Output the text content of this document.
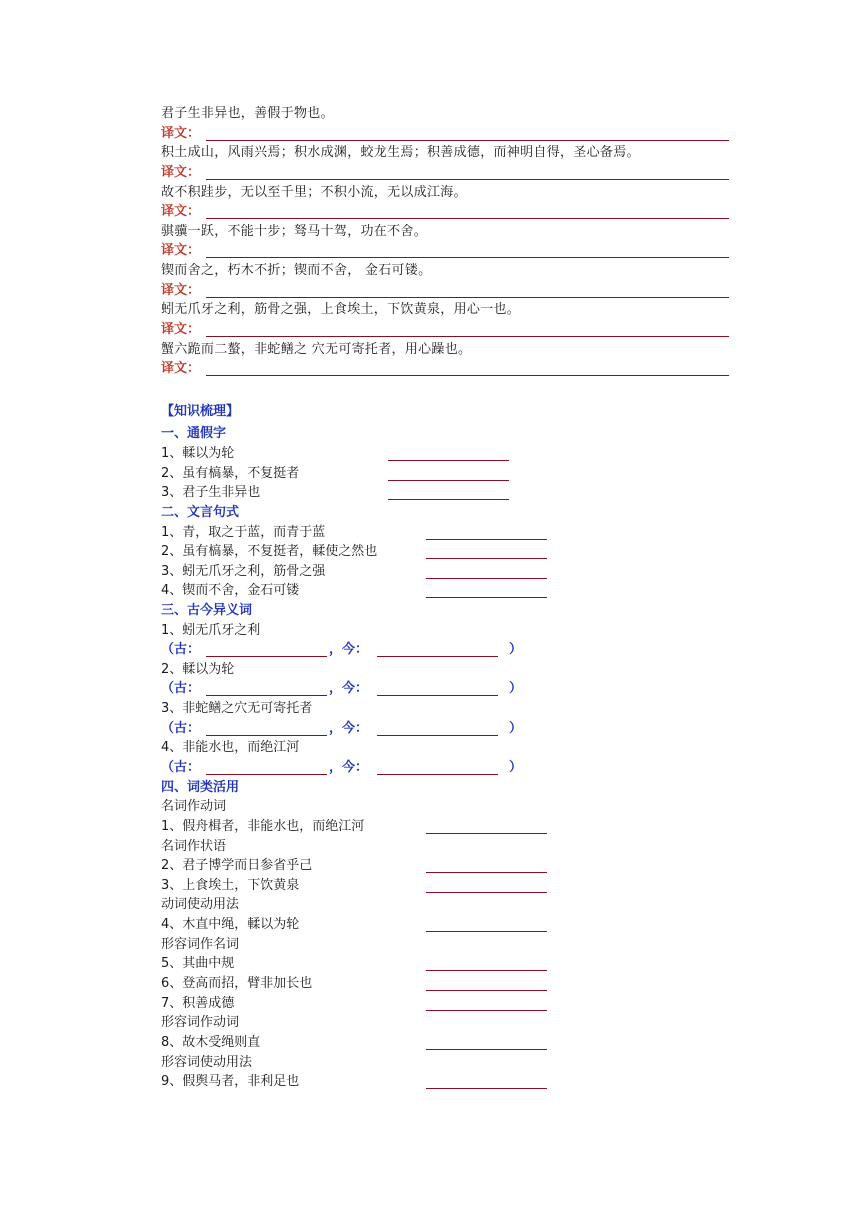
君子生非异也，善假于物也。
译文：
积土成山，风雨兴焉；积水成渊，蛟龙生焉；积善成德，而神明自得，圣心备焉。
译文：
故不积跬步，无以至千里；不积小流，无以成江海。
译文：
骐骥一跃，不能十步；驽马十驾，功在不舍。
译文：
锲而舍之，朽木不折；锲而不舍， 金石可镂。
译文：
蚓无爪牙之利，筋骨之强，上食埃土，下饮黄泉，用心一也。
译文：
蟹六跪而二螯，非蛇鳝之 穴无可寄托者，用心躁也。
译文：
【知识梳理】
一、通假字
1、輮以为轮
2、虽有槁暴，不复挺者
3、君子生非异也
二、文言句式
1、青，取之于蓝，而青于蓝
2、虽有槁暴，不复挺者，輮使之然也
3、蚓无爪牙之利，筋骨之强
4、锲而不舍，金石可镂
三、古今异义词
1、蚓无爪牙之利
（古：	，今：	）
2、輮以为轮
（古：	，今：	）
3、非蛇鳝之穴无可寄托者
（古：	，今：	）
4、非能水也，而绝江河
（古：	，今：	）
四、词类活用
名词作动词
1、假舟楫者，非能水也，而绝江河
名词作状语
2、君子博学而日参省乎己
3、上食埃土，下饮黄泉
动词使动用法
4、木直中绳，輮以为轮
形容词作名词
5、其曲中规
6、登高而招，臂非加长也
7、积善成德
形容词作动词
8、故木受绳则直
形容词使动用法
9、假舆马者，非利足也
